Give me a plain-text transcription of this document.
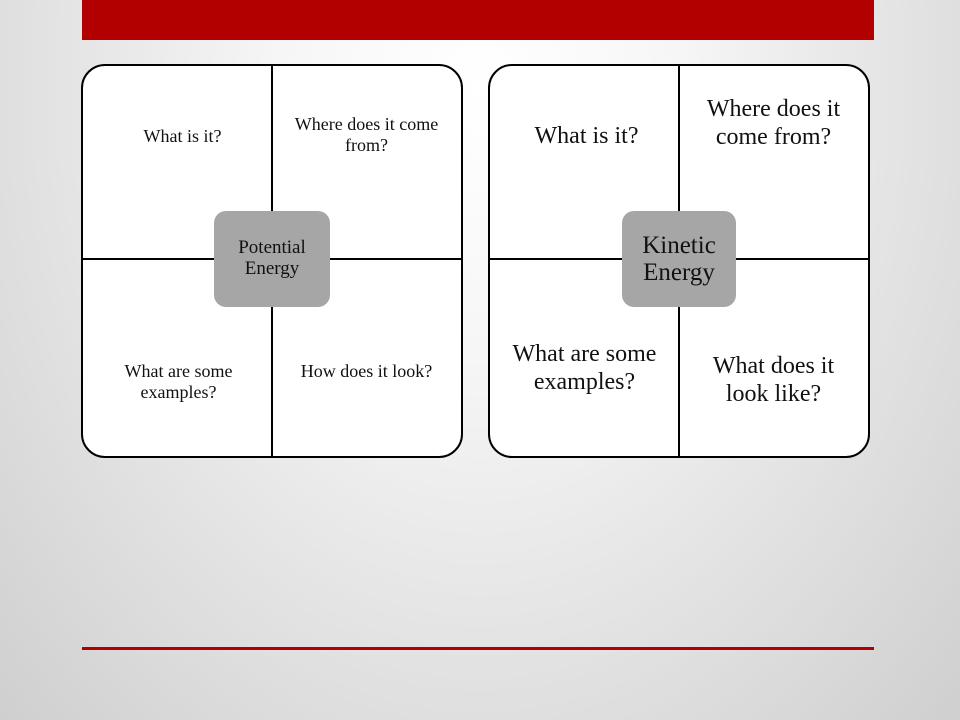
What is it?
Where does it come from?
What are some examples?
How does it look?
Potential Energy
What is it?
Where does it come from?
What are some examples?
What does it look like?
Kinetic Energy
